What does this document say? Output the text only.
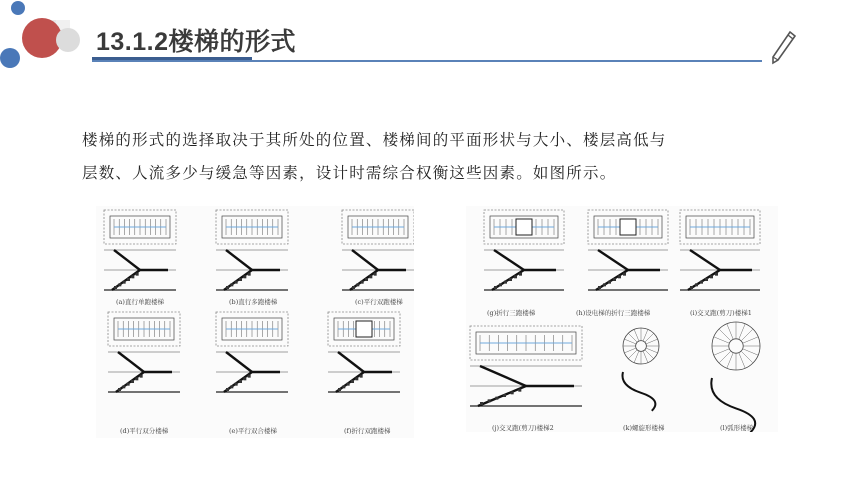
13.1.2楼梯的形式
楼梯的形式的选择取决于其所处的位置、楼梯间的平面形状与大小、楼层高低与
层数、人流多少与缓急等因素，设计时需综合权衡这些因素。如图所示。
(a)直行单跑楼梯	(b)直行多跑楼梯	(c)平行双跑楼梯
(d)平行双分楼梯	(e)平行双合楼梯	(f)折行双跑楼梯
(g)折行三跑楼梯	(h)设电梯的折行三跑楼梯	(i)交叉跑(剪刀)楼梯1
(j)交叉跑(剪刀)楼梯2	(k)螺旋形楼梯	(l)弧形楼梯
